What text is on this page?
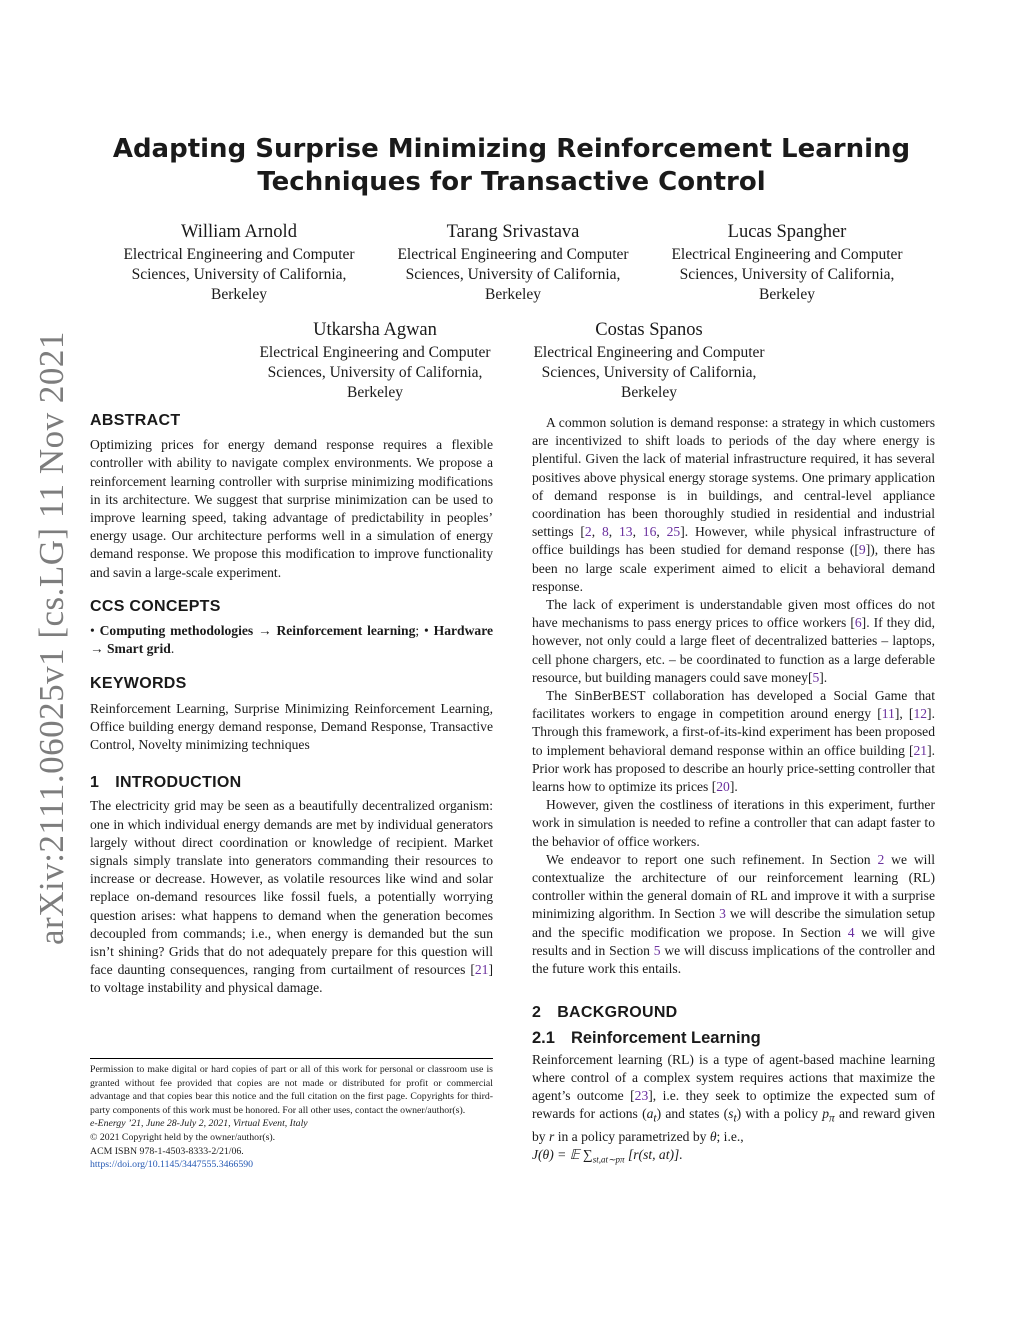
arXiv:2111.06025v1 [cs.LG] 11 Nov 2021
Adapting Surprise Minimizing Reinforcement Learning
Techniques for Transactive Control
William Arnold
Electrical Engineering and Computer
Sciences, University of California,
Berkeley
Tarang Srivastava
Electrical Engineering and Computer
Sciences, University of California,
Berkeley
Lucas Spangher
Electrical Engineering and Computer
Sciences, University of California,
Berkeley
Utkarsha Agwan
Electrical Engineering and Computer
Sciences, University of California,
Berkeley
Costas Spanos
Electrical Engineering and Computer
Sciences, University of California,
Berkeley
ABSTRACT

Optimizing prices for energy demand response requires a flexible controller with ability to navigate complex environments. We propose a reinforcement learning controller with surprise minimizing modifications in its architecture. We suggest that surprise minimization can be used to improve learning speed, taking advantage of predictability in peoples’ energy usage. Our architecture performs well in a simulation of energy demand response. We propose this modification to improve functionality and savin a large-scale experiment.

CCS CONCEPTS

• Computing methodologies → Reinforcement learning; • Hardware → Smart grid.

KEYWORDS

Reinforcement Learning, Surprise Minimizing Reinforcement Learning, Office building energy demand response, Demand Response, Transactive Control, Novelty minimizing techniques

1 INTRODUCTION

The electricity grid may be seen as a beautifully decentralized organism: one in which individual energy demands are met by individual generators largely without direct coordination or knowledge of recipient. Market signals simply translate into generators commanding their resources to increase or decrease. However, as volatile resources like wind and solar replace on-demand resources like fossil fuels, a potentially worrying question arises: what happens to demand when the generation becomes decoupled from commands; i.e., when energy is demanded but the sun isn’t shining? Grids that do not adequately prepare for this question will face daunting consequences, ranging from curtailment of resources [21] to voltage instability and physical damage.

Permission to make digital or hard copies of part or all of this work for personal or classroom use is granted without fee provided that copies are not made or distributed for profit or commercial advantage and that copies bear this notice and the full citation on the first page. Copyrights for third-party components of this work must be honored. For all other uses, contact the owner/author(s).

e-Energy ’21, June 28-July 2, 2021, Virtual Event, Italy

© 2021 Copyright held by the owner/author(s).

ACM ISBN 978-1-4503-8333-2/21/06.

https://doi.org/10.1145/3447555.3466590

A common solution is demand response: a strategy in which customers are incentivized to shift loads to periods of the day where energy is plentiful. Given the lack of material infrastructure required, it has several positives above physical energy storage systems. One primary application of demand response is in buildings, and central-level appliance coordination has been thoroughly studied in residential and industrial settings [2, 8, 13, 16, 25]. However, while physical infrastructure of office buildings has been studied for demand response ([9]), there has been no large scale experiment aimed to elicit a behavioral demand response.

The lack of experiment is understandable given most offices do not have mechanisms to pass energy prices to office workers [6]. If they did, however, not only could a large fleet of decentralized batteries – laptops, cell phone chargers, etc. – be coordinated to function as a large deferable resource, but building managers could save money[5].

The SinBerBEST collaboration has developed a Social Game that facilitates workers to engage in competition around energy [11], [12]. Through this framework, a first-of-its-kind experiment has been proposed to implement behavioral demand response within an office building [21]. Prior work has proposed to describe an hourly price-setting controller that learns how to optimize its prices [20].

However, given the costliness of iterations in this experiment, further work in simulation is needed to refine a controller that can adapt faster to the behavior of office workers.

We endeavor to report one such refinement. In Section 2 we will contextualize the architecture of our reinforcement learning (RL) controller within the general domain of RL and improve it with a surprise minimizing algorithm. In Section 3 we will describe the simulation setup and the specific modification we propose. In Section 4 we will give results and in Section 5 we will discuss implications of the controller and the future work this entails.

2 BACKGROUND
2.1 Reinforcement Learning

Reinforcement learning (RL) is a type of agent-based machine learning where control of a complex system requires actions that maximize the agent’s outcome [23], i.e. they seek to optimize the expected sum of rewards for actions $(a_t)$ and states $(s_t)$ with a policy $p_\pi$ and reward given by r in a policy parametrized by θ; i.e.,
J(θ) = 𝔼 $\sum_{st,at\sim p\pi}$ [r(st, at)].
